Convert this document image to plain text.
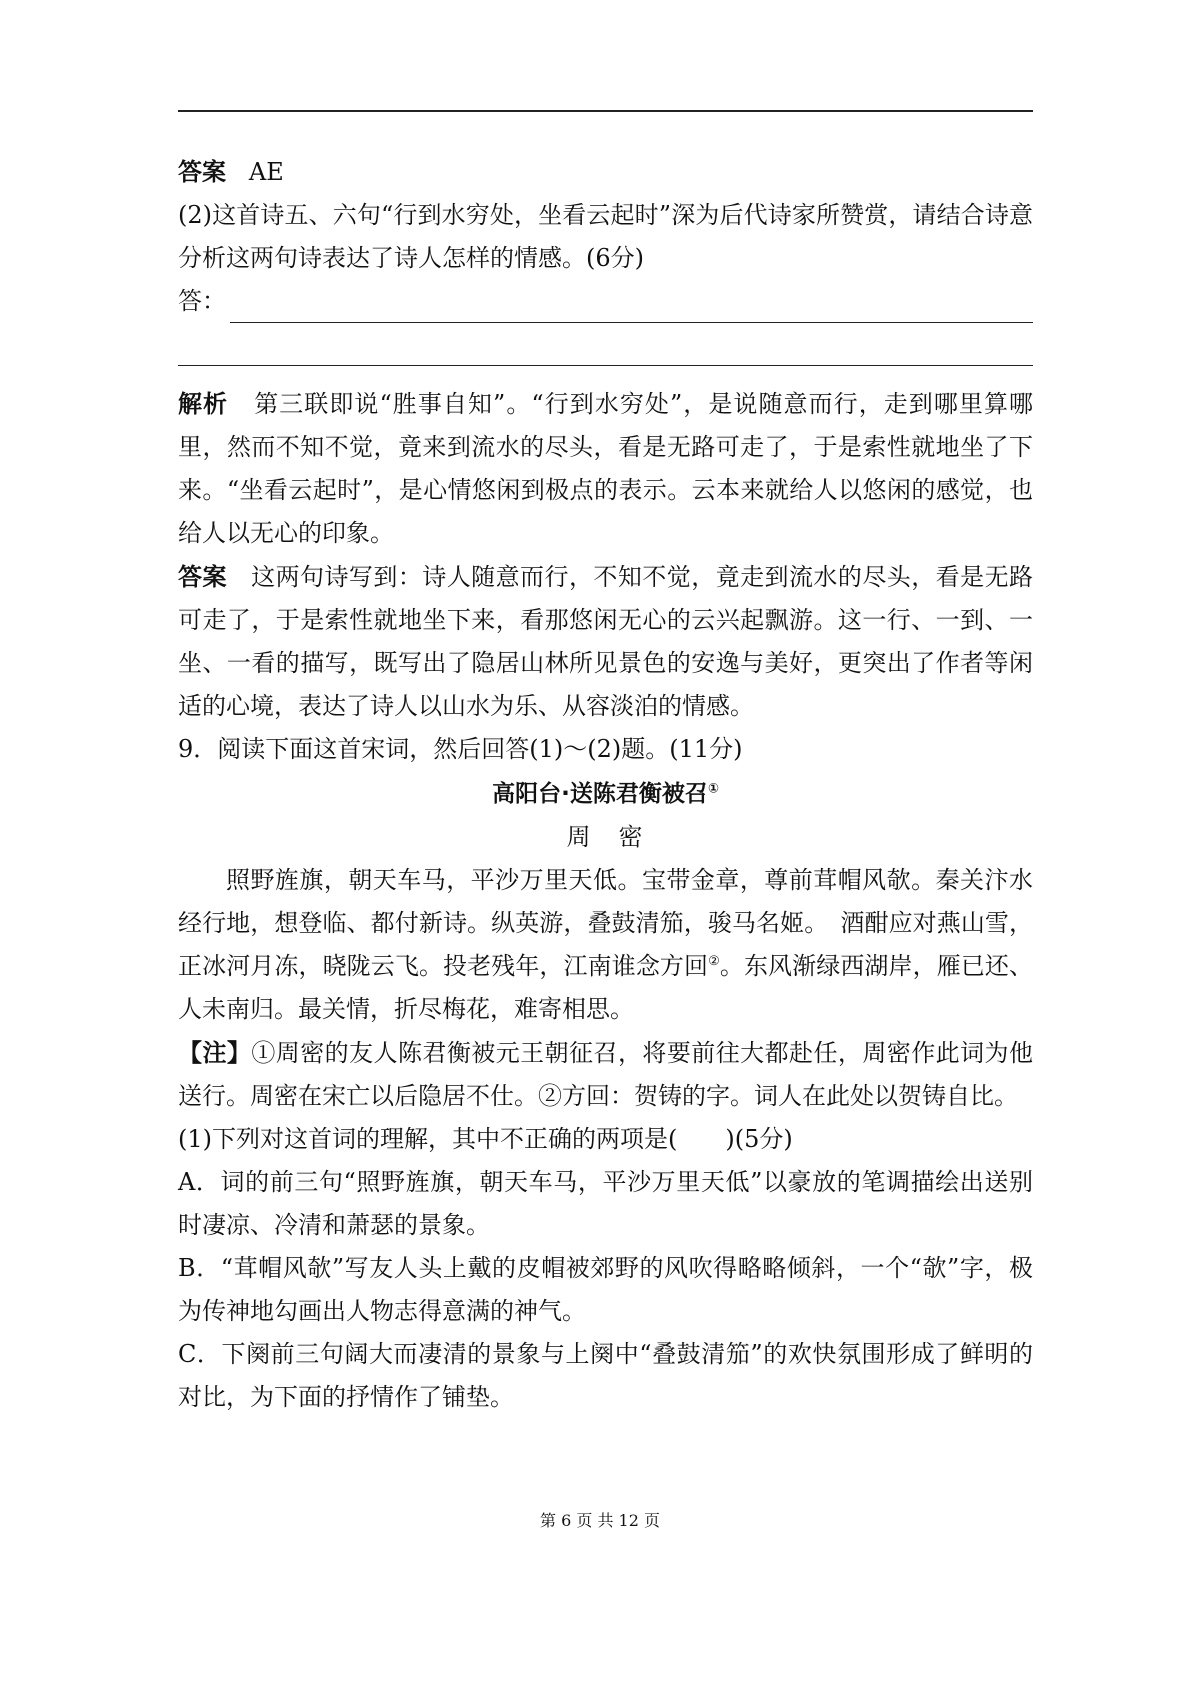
答案 AE

(2)这首诗五、六句“行到水穷处，坐看云起时”深为后代诗家所赞赏，请结合诗意分析这两句诗表达了诗人怎样的情感。(6分)

答：

解析 第三联即说“胜事自知”。“行到水穷处”，是说随意而行，走到哪里算哪里，然而不知不觉，竟来到流水的尽头，看是无路可走了，于是索性就地坐了下来。“坐看云起时”，是心情悠闲到极点的表示。云本来就给人以悠闲的感觉，也给人以无心的印象。

答案 这两句诗写到：诗人随意而行，不知不觉，竟走到流水的尽头，看是无路可走了，于是索性就地坐下来，看那悠闲无心的云兴起飘游。这一行、一到、一坐、一看的描写，既写出了隐居山林所见景色的安逸与美好，更突出了作者等闲适的心境，表达了诗人以山水为乐、从容淡泊的情感。

9．阅读下面这首宋词，然后回答(1)～(2)题。(11分)

高阳台·送陈君衡被召①

周　密

照野旌旗，朝天车马，平沙万里天低。宝带金章，尊前茸帽风欹。秦关汴水经行地，想登临、都付新诗。纵英游，叠鼓清笳，骏马名姬。　酒酣应对燕山雪，正冰河月冻，晓陇云飞。投老残年，江南谁念方回②。东风渐绿西湖岸，雁已还、人未南归。最关情，折尽梅花，难寄相思。

【注】①周密的友人陈君衡被元王朝征召，将要前往大都赴任，周密作此词为他送行。周密在宋亡以后隐居不仕。②方回：贺铸的字。词人在此处以贺铸自比。

(1)下列对这首词的理解，其中不正确的两项是(　　)(5分)

A．词的前三句“照野旌旗，朝天车马，平沙万里天低”以豪放的笔调描绘出送别时凄凉、冷清和萧瑟的景象。

B．“茸帽风欹”写友人头上戴的皮帽被郊野的风吹得略略倾斜，一个“欹”字，极为传神地勾画出人物志得意满的神气。

C．下阕前三句阔大而凄清的景象与上阕中“叠鼓清笳”的欢快氛围形成了鲜明的对比，为下面的抒情作了铺垫。

第 6 页 共 12 页
